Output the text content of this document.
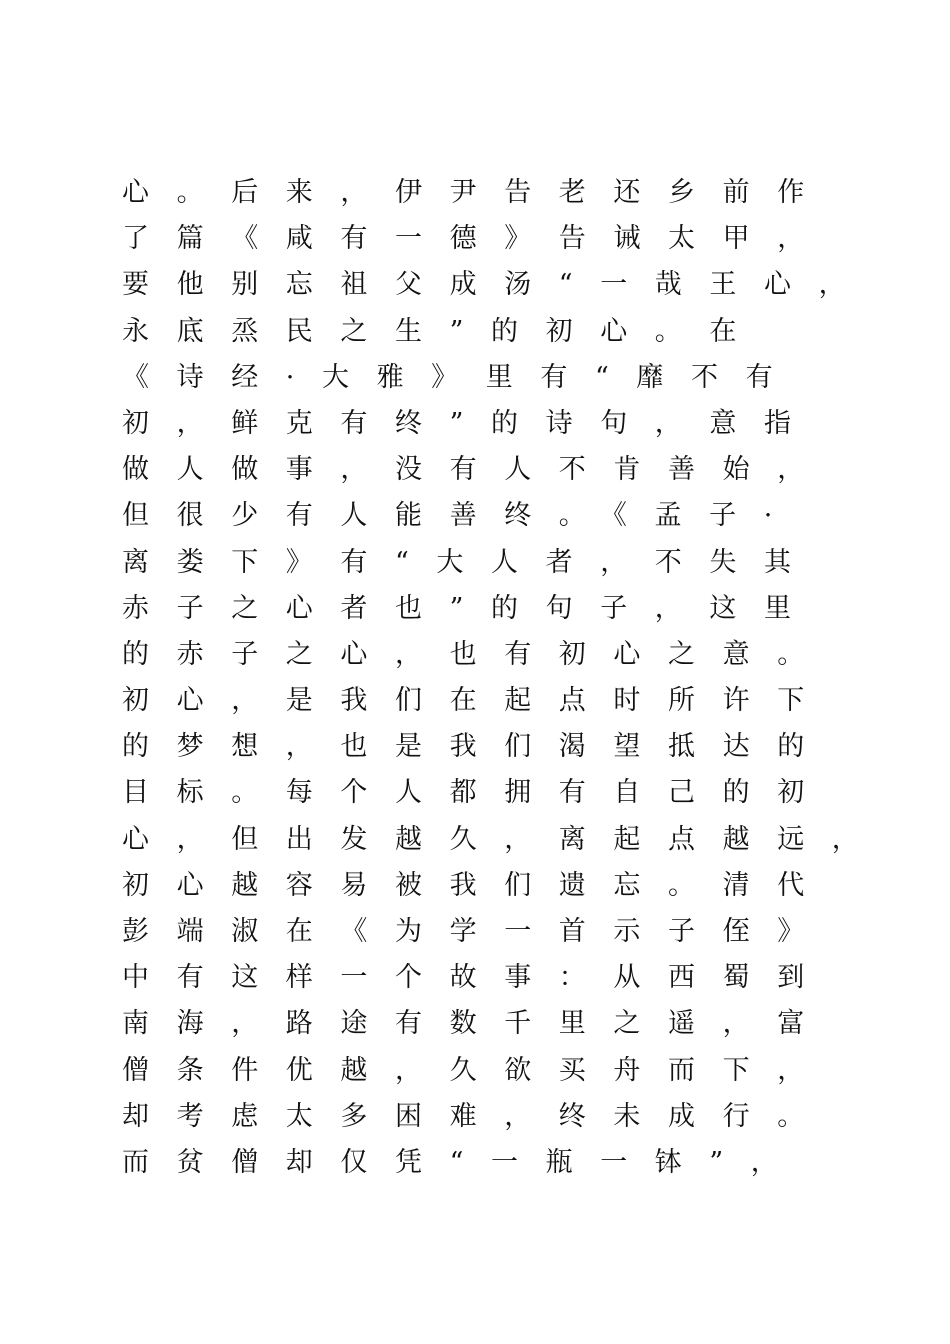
心。后来，伊尹告老还乡前作
了篇《咸有一德》告诫太甲，
要他别忘祖父成汤“一哉王心，
永底烝民之生”的初心。在
《诗经·大雅》里有“靡不有
初，鲜克有终”的诗句，意指
做人做事，没有人不肯善始，
但很少有人能善终。《孟子·
离娄下》有“大人者，不失其
赤子之心者也”的句子，这里
的赤子之心，也有初心之意。
初心，是我们在起点时所许下
的梦想，也是我们渴望抵达的
目标。每个人都拥有自己的初
心，但出发越久，离起点越远，
初心越容易被我们遗忘。清代
彭端淑在《为学一首示子侄》
中有这样一个故事：从西蜀到
南海，路途有数千里之遥，富
僧条件优越，久欲买舟而下，
却考虑太多困难，终未成行。
而贫僧却仅凭“一瓶一钵”，
